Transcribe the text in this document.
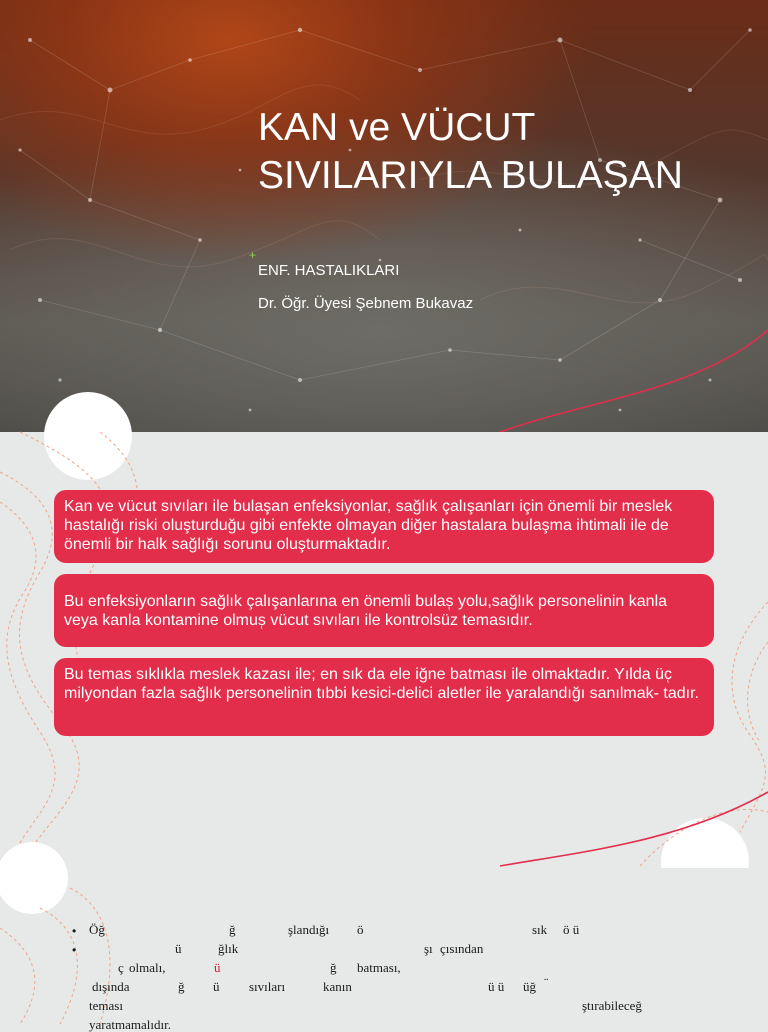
KAN ve VÜCUT
SIVILARIYLA BULAŞAN
+
ENF. HASTALIKLARI
Dr. Öğr. Üyesi Şebnem Bukavaz
Kan ve vücut sıvıları ile bulaşan enfeksiyonlar, sağlık çalışanları için önemli bir meslek hastalığı riski oluşturduğu gibi enfekte olmayan diğer hastalara bulaşma ihtimali ile de önemli bir halk sağlığı sorunu oluşturmaktadır.
Bu enfeksiyonların sağlık çalışanlarına en önemli bulas̜ yolu,sağlık personelinin kanla veya kanla kontamine olmus̜ vücut sıvıları ile kontrolsüz temasıdır.
Bu temas sıklıkla meslek kazası ile; en sık da ele iğne batması ile olmaktadır. Yılda üc̜ milyondan fazla sağlık personelinin tıbbi kesici-delici aletler ile yaralandığı sanılmak- tadır.
•
•
Öğ	ğ	şlandığı ö	sık ö ü
ü	ğlık	şı çısından
ç olmalı,	ü	ğ batması,
dışında	ğ ü sıvıları	kanın	ü ü üğ ¨
teması	ştırabileceğ
yaratmamalıdır.
